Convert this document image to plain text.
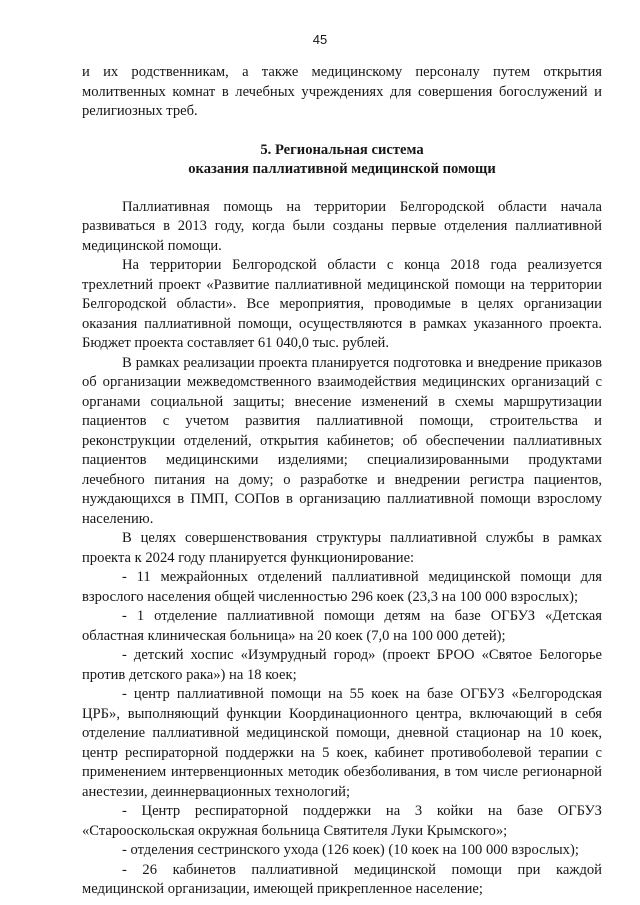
45

и их родственникам, а также медицинскому персоналу путем открытия молитвенных комнат в лечебных учреждениях для совершения богослужений и религиозных треб.

5. Региональная система
оказания паллиативной медицинской помощи

Паллиативная помощь на территории Белгородской области начала развиваться в 2013 году, когда были созданы первые отделения паллиативной медицинской помощи.

На территории Белгородской области с конца 2018 года реализуется трехлетний проект «Развитие паллиативной медицинской помощи на территории Белгородской области». Все мероприятия, проводимые в целях организации оказания паллиативной помощи, осуществляются в рамках указанного проекта. Бюджет проекта составляет 61 040,0 тыс. рублей.

В рамках реализации проекта планируется подготовка и внедрение приказов об организации межведомственного взаимодействия медицинских организаций с органами социальной защиты; внесение изменений в схемы маршрутизации пациентов с учетом развития паллиативной помощи, строительства и реконструкции отделений, открытия кабинетов; об обеспечении паллиативных пациентов медицинскими изделиями; специализированными продуктами лечебного питания на дому; о разработке и внедрении регистра пациентов, нуждающихся в ПМП, СОПов в организацию паллиативной помощи взрослому населению.

В целях совершенствования структуры паллиативной службы в рамках проекта к 2024 году планируется функционирование:

- 11 межрайонных отделений паллиативной медицинской помощи для взрослого населения общей численностью 296 коек (23,3 на 100 000 взрослых);

- 1 отделение паллиативной помощи детям на базе ОГБУЗ «Детская областная клиническая больница» на 20 коек (7,0 на 100 000 детей);

- детский хоспис «Изумрудный город» (проект БРОО «Святое Белогорье против детского рака») на 18 коек;

- центр паллиативной помощи на 55 коек на базе ОГБУЗ «Белгородская ЦРБ», выполняющий функции Координационного центра, включающий в себя отделение паллиативной медицинской помощи, дневной стационар на 10 коек, центр респираторной поддержки на 5 коек, кабинет противоболевой терапии с применением интервенционных методик обезболивания, в том числе регионарной анестезии, деиннервационных технологий;

- Центр респираторной поддержки на 3 койки на базе ОГБУЗ «Старооскольская окружная больница Святителя Луки Крымского»;

- отделения сестринского ухода (126 коек) (10 коек на 100 000 взрослых);

- 26 кабинетов паллиативной медицинской помощи при каждой медицинской организации, имеющей прикрепленное население;
